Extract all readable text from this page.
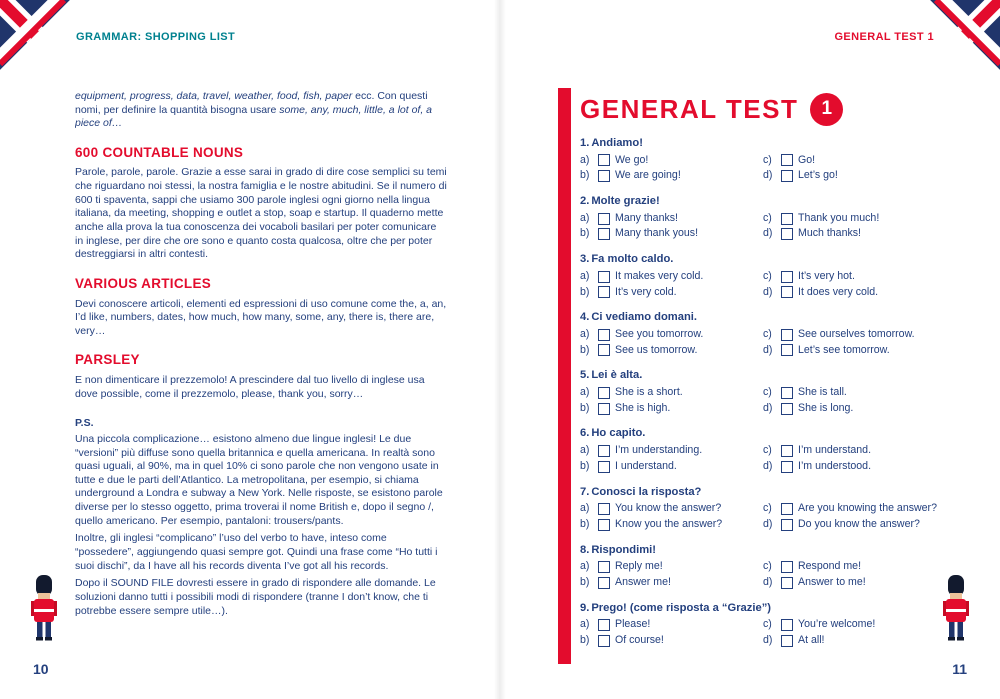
GRAMMAR: SHOPPING LIST	GENERAL TEST 1

equipment, progress, data, travel, weather, food, fish, paper ecc. Con questi nomi, per definire la quantità bisogna usare some, any, much, little, a lot of, a piece of…

600 COUNTABLE NOUNS

Parole, parole, parole. Grazie a esse sarai in grado di dire cose semplici su temi che riguardano noi stessi, la nostra famiglia e le nostre abitudini. Se il numero di 600 ti spaventa, sappi che usiamo 300 parole inglesi ogni giorno nella lingua italiana, da meeting, shopping e outlet a stop, soap e startup. Il quaderno mette anche alla prova la tua conoscenza dei vocaboli basilari per poter comunicare in inglese, per dire che ore sono e quanto costa qualcosa, oltre che per poter destreggiarsi in altri contesti.

VARIOUS ARTICLES

Devi conoscere articoli, elementi ed espressioni di uso comune come the, a, an, I’d like, numbers, dates, how much, how many, some, any, there is, there are, very…

PARSLEY

E non dimenticare il prezzemolo! A prescindere dal tuo livello di inglese usa dove possible, come il prezzemolo, please, thank you, sorry…

P.S.

Una piccola complicazione… esistono almeno due lingue inglesi! Le due “versioni” più diffuse sono quella britannica e quella americana. In realtà sono quasi uguali, al 90%, ma in quel 10% ci sono parole che non vengono usate in tutte e due le parti dell’Atlantico. La metropolitana, per esempio, si chiama underground a Londra e subway a New York. Nelle risposte, se esistono parole diverse per lo stesso oggetto, prima troverai il nome British e, dopo il segno /, quello americano. Per esempio, pantaloni: trousers/pants.

Inoltre, gli inglesi “complicano” l’uso del verbo to have, inteso come “possedere”, aggiungendo quasi sempre got. Quindi una frase come “Ho tutti i suoi dischi”, da I have all his records diventa I’ve got all his records.

Dopo il SOUND FILE dovresti essere in grado di rispondere alle domande. Le soluzioni danno tutti i possibili modi di rispondere (tranne I don’t know, che ti potrebbe essere sempre utile…).

GENERAL TEST	1
1. Andiamo!
a)	We go!
b)	We are going!
c)	Go!
d)	Let’s go!
2. Molte grazie!
a)	Many thanks!
b)	Many thank yous!
c)	Thank you much!
d)	Much thanks!
3. Fa molto caldo.
a)	It makes very cold.
b)	It’s very cold.
c)	It’s very hot.
d)	It does very cold.
4. Ci vediamo domani.
a)	See you tomorrow.
b)	See us tomorrow.
c)	See ourselves tomorrow.
d)	Let’s see tomorrow.
5. Lei è alta.
a)	She is a short.
b)	She is high.
c)	She is tall.
d)	She is long.
6. Ho capito.
a)	I’m understanding.
b)	I understand.
c)	I’m understand.
d)	I’m understood.
7. Conosci la risposta?
a)	You know the answer?
b)	Know you the answer?
c)	Are you knowing the answer?
d)	Do you know the answer?
8. Rispondimi!
a)	Reply me!
b)	Answer me!
c)	Respond me!
d)	Answer to me!
9. Prego! (come risposta a “Grazie”)
a)	Please!
b)	Of course!
c)	You’re welcome!
d)	At all!
10	11
